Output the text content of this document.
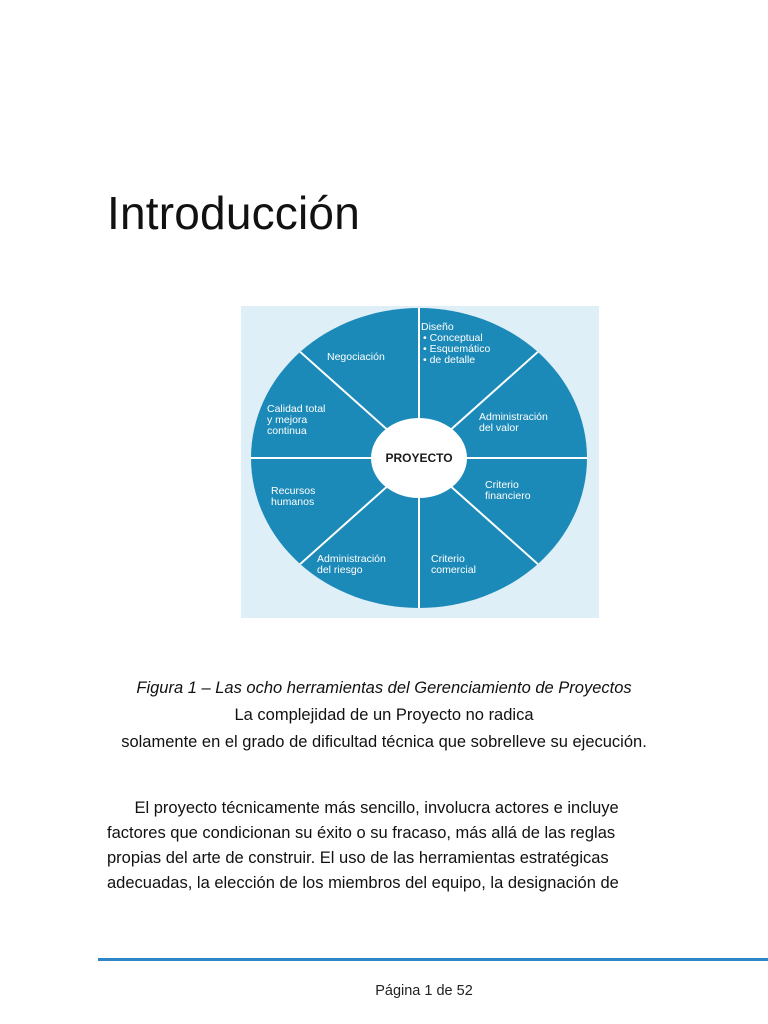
Introducción
PROYECTO
Diseño
• Conceptual
• Esquemático
• de detalle
Administración
del valor
Criterio
financiero
Criterio
comercial
Administración
del riesgo
Recursos
humanos
Calidad total
y mejora
continua
Negociación
Figura 1 – Las ocho herramientas del Gerenciamiento de Proyectos
La complejidad de un Proyecto no radica
solamente en el grado de dificultad técnica que sobrelleve su ejecución.
El proyecto técnicamente más sencillo, involucra actores e incluye
factores que condicionan su éxito o su fracaso, más allá de las reglas
propias del arte de construir. El uso de las herramientas estratégicas
adecuadas, la elección de los miembros del equipo, la designación de
Página 1 de 52
